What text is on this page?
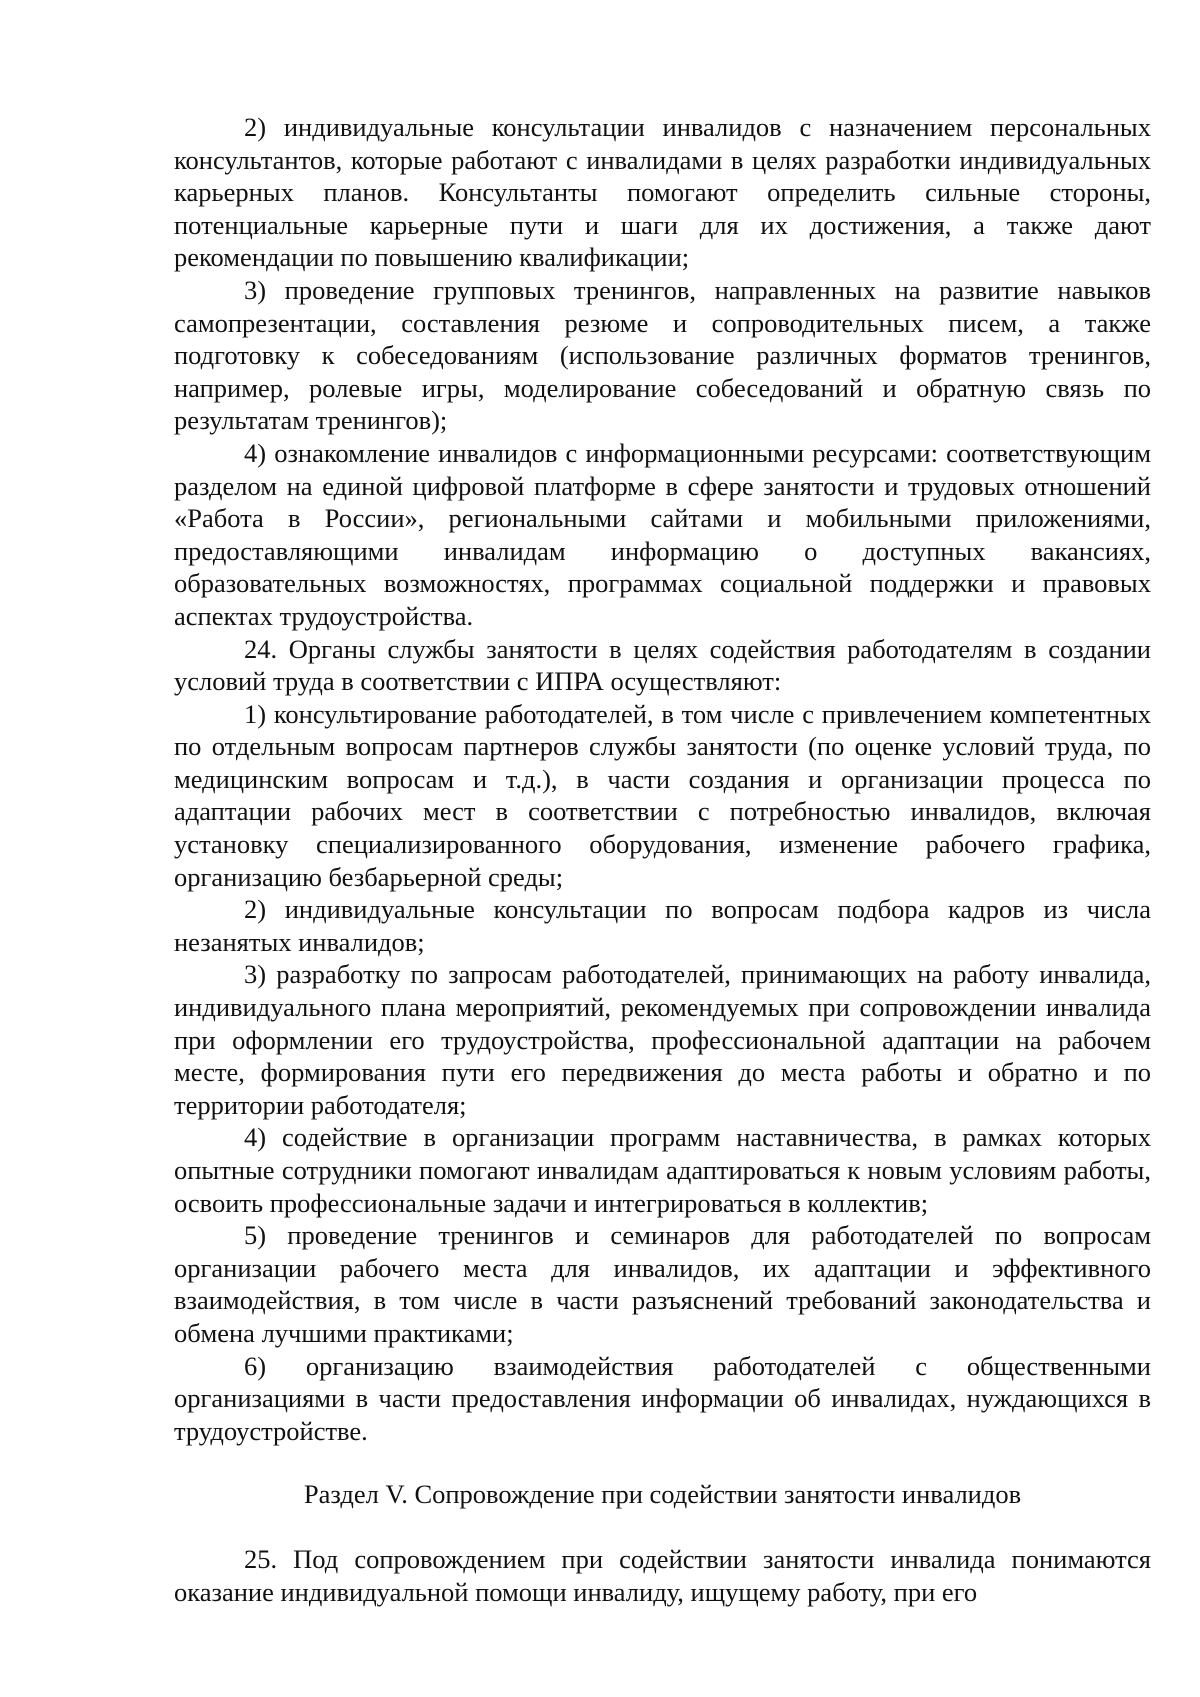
2) индивидуальные консультации инвалидов с назначением персональных консультантов, которые работают с инвалидами в целях разработки индивидуальных карьерных планов. Консультанты помогают определить сильные стороны, потенциальные карьерные пути и шаги для их достижения, а также дают рекомендации по повышению квалификации;

3) проведение групповых тренингов, направленных на развитие навыков самопрезентации, составления резюме и сопроводительных писем, а также подготовку к собеседованиям (использование различных форматов тренингов, например, ролевые игры, моделирование собеседований и обратную связь по результатам тренингов);

4) ознакомление инвалидов с информационными ресурсами: соответствующим разделом на единой цифровой платформе в сфере занятости и трудовых отношений «Работа в России», региональными сайтами и мобильными приложениями, предоставляющими инвалидам информацию о доступных вакансиях, образовательных возможностях, программах социальной поддержки и правовых аспектах трудоустройства.

24. Органы службы занятости в целях содействия работодателям в создании условий труда в соответствии с ИПРА осуществляют:

1) консультирование работодателей, в том числе с привлечением компетентных по отдельным вопросам партнеров службы занятости (по оценке условий труда, по медицинским вопросам и т.д.), в части создания и организации процесса по адаптации рабочих мест в соответствии с потребностью инвалидов, включая установку специализированного оборудования, изменение рабочего графика, организацию безбарьерной среды;

2) индивидуальные консультации по вопросам подбора кадров из числа незанятых инвалидов;

3) разработку по запросам работодателей, принимающих на работу инвалида, индивидуального плана мероприятий, рекомендуемых при сопровождении инвалида при оформлении его трудоустройства, профессиональной адаптации на рабочем месте, формирования пути его передвижения до места работы и обратно и по территории работодателя;

4) содействие в организации программ наставничества, в рамках которых опытные сотрудники помогают инвалидам адаптироваться к новым условиям работы, освоить профессиональные задачи и интегрироваться в коллектив;

5) проведение тренингов и семинаров для работодателей по вопросам организации рабочего места для инвалидов, их адаптации и эффективного взаимодействия, в том числе в части разъяснений требований законодательства и обмена лучшими практиками;

6) организацию взаимодействия работодателей с общественными организациями в части предоставления информации об инвалидах, нуждающихся в трудоустройстве.

Раздел V. Сопровождение при содействии занятости инвалидов

25. Под сопровождением при содействии занятости инвалида понимаются оказание индивидуальной помощи инвалиду, ищущему работу, при его
